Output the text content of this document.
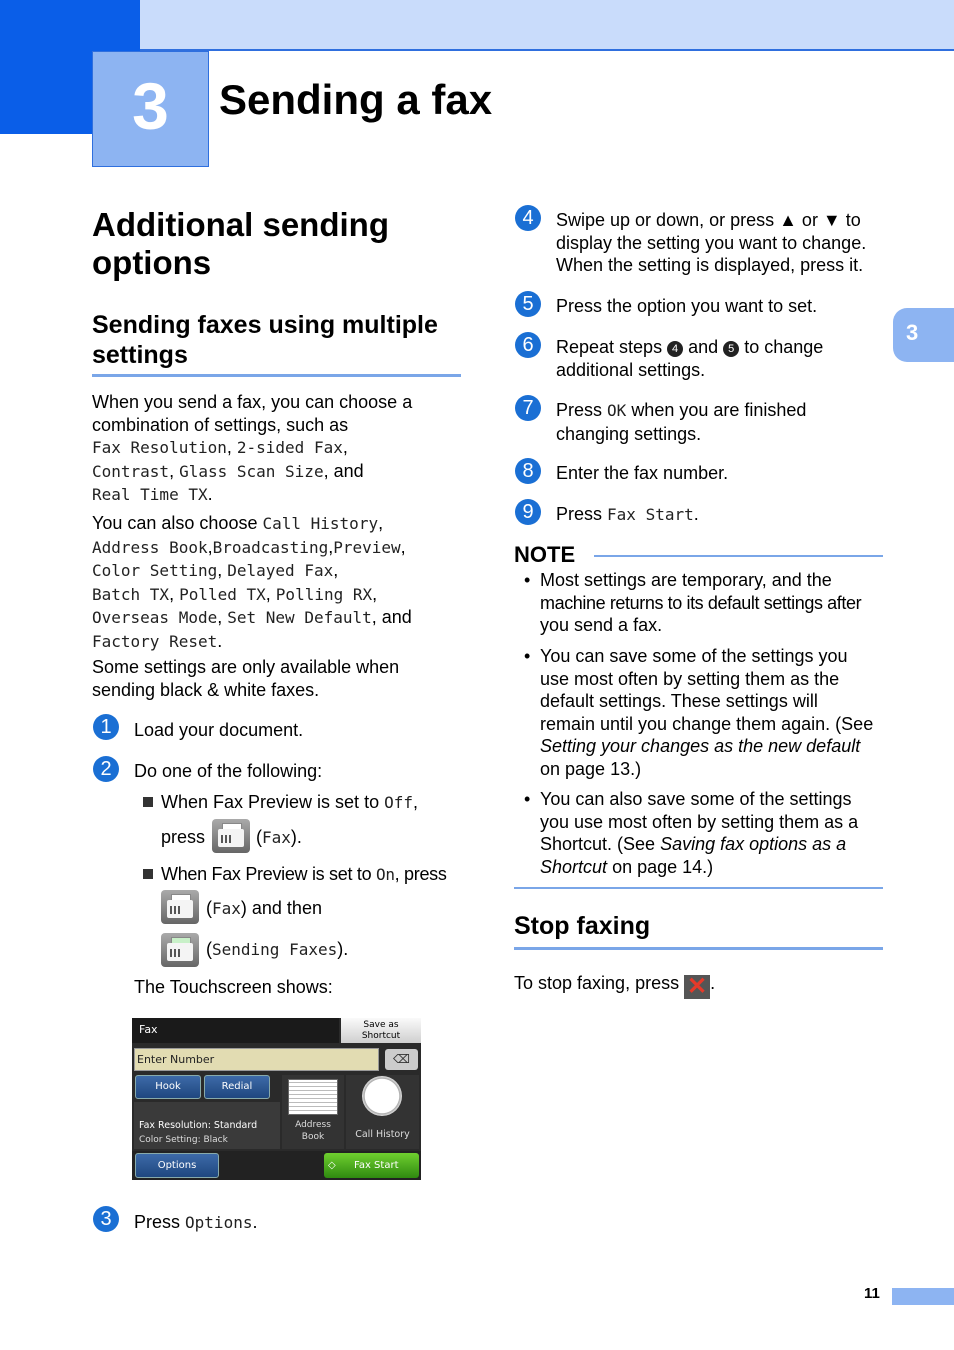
3	Sending a fax
3
Additional sending
options
Sending faxes using multiple
settings
When you send a fax, you can choose a
combination of settings, such as
Fax Resolution, 2-sided Fax,
Contrast, Glass Scan Size, and
Real Time TX.
You can also choose Call History,
Address Book,Broadcasting,Preview,
Color Setting, Delayed Fax,
Batch TX, Polled TX, Polling RX,
Overseas Mode, Set New Default, and
Factory Reset.
Some settings are only available when
sending black & white faxes.
1	Load your document.
2	Do one of the following:
When Fax Preview is set to Off,
press	(Fax).
When Fax Preview is set to On, press
(Fax) and then
(Sending Faxes).
The Touchscreen shows:
Fax	Save as
Shortcut
Enter Number	⌫
Hook	Redial
Fax Resolution: Standard
Color Setting: Black
Address
Book	Call History
Options	◇ Fax Start
3	Press Options.
4	Swipe up or down, or press ▲ or ▼ to
display the setting you want to change.
When the setting is displayed, press it.
5	Press the option you want to set.
6	Repeat steps 4 and 5 to change
additional settings.
7	Press OK when you are finished
changing settings.
8	Enter the fax number.
9	Press Fax Start.
NOTE
• Most settings are temporary, and the
machine returns to its default settings after
you send a fax.
• You can save some of the settings you
use most often by setting them as the
default settings. These settings will
remain until you change them again. (See
Setting your changes as the new default
on page 13.)
• You can also save some of the settings
you use most often by setting them as a
Shortcut. (See Saving fax options as a
Shortcut on page 14.)
Stop faxing
To stop faxing, press ✕ .
11
